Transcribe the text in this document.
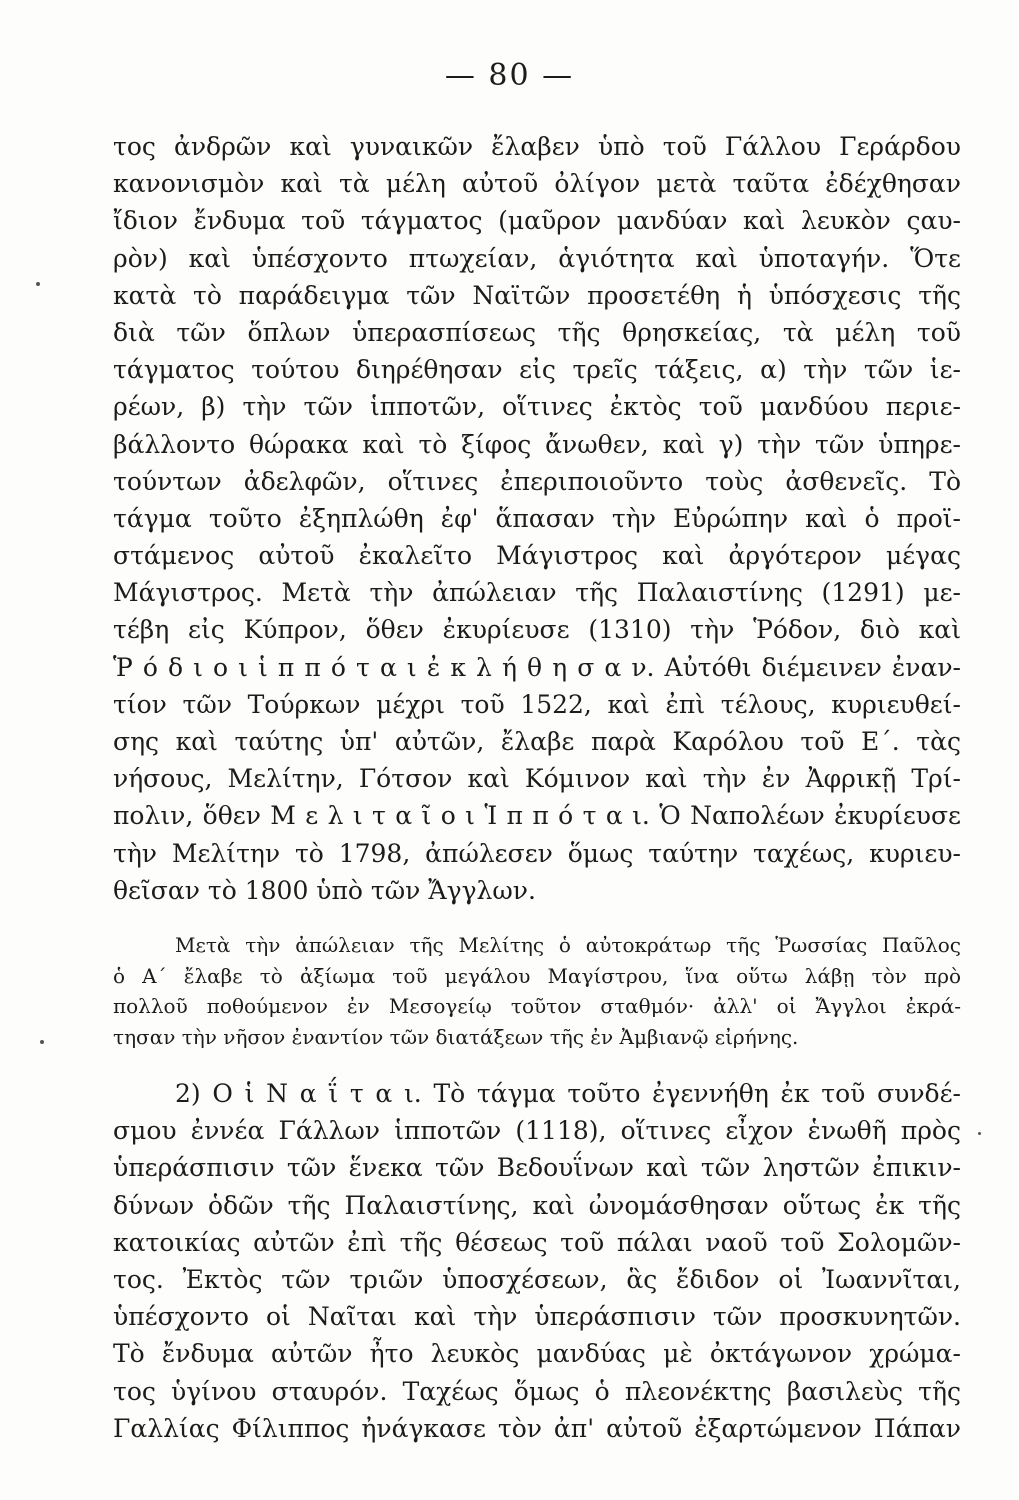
— 80 —
τος ἀνδρῶν καὶ γυναικῶν ἔλαβεν ὑπὸ τοῦ Γάλλου Γεράρδου
κανονισμὸν καὶ τὰ μέλη αὐτοῦ ὀλίγον μετὰ ταῦτα ἐδέχθησαν
ἴδιον ἔνδυμα τοῦ τάγματος (μαῦρον μανδύαν καὶ λευκὸν ςαυ-
ρὸν) καὶ ὑπέσχοντο πτωχείαν, ἁγιότητα καὶ ὑποταγήν. Ὅτε
κατὰ τὸ παράδειγμα τῶν Ναϊτῶν προσετέθη ἡ ὑπόσχεσις τῆς
διὰ τῶν ὅπλων ὑπερασπίσεως τῆς θρησκείας, τὰ μέλη τοῦ
τάγματος τούτου διηρέθησαν εἰς τρεῖς τάξεις, α) τὴν τῶν ἱε-
ρέων, β) τὴν τῶν ἱπποτῶν, οἵτινες ἐκτὸς τοῦ μανδύου περιε-
βάλλοντο θώρακα καὶ τὸ ξίφος ἄνωθεν, καὶ γ) τὴν τῶν ὑπηρε-
τούντων ἀδελφῶν, οἵτινες ἐπεριποιοῦντο τοὺς ἀσθενεῖς. Τὸ
τάγμα τοῦτο ἐξηπλώθη ἐφ' ἅπασαν τὴν Εὐρώπην καὶ ὁ προϊ-
στάμενος αὐτοῦ ἐκαλεῖτο Μάγιστρος καὶ ἀργότερον μέγας
Μάγιστρος. Μετὰ τὴν ἀπώλειαν τῆς Παλαιστίνης (1291) με-
τέβη εἰς Κύπρον, ὅθεν ἐκυρίευσε (1310) τὴν Ῥόδον, διὸ καὶ
Ῥ ό δ ι ο ι ἱ π π ό τ α ι ἐ κ λ ή θ η σ α ν. Αὐτόθι διέμεινεν ἐναν-
τίον τῶν Τούρκων μέχρι τοῦ 1522, καὶ ἐπὶ τέλους, κυριευθεί-
σης καὶ ταύτης ὑπ' αὐτῶν, ἔλαβε παρὰ Καρόλου τοῦ Ε΄. τὰς
νήσους, Μελίτην, Γότσον καὶ Κόμινον καὶ τὴν ἐν Ἀφρικῇ Τρί-
πολιν, ὅθεν Μ ε λ ι τ α ῖ ο ι Ἱ π π ό τ α ι. Ὁ Ναπολέων ἐκυρίευσε
τὴν Μελίτην τὸ 1798, ἀπώλεσεν ὅμως ταύτην ταχέως, κυριευ-
θεῖσαν τὸ 1800 ὑπὸ τῶν Ἄγγλων.
Μετὰ τὴν ἀπώλειαν τῆς Μελίτης ὁ αὐτοκράτωρ τῆς Ῥωσσίας Παῦλος
ὁ Α΄ ἔλαβε τὸ ἀξίωμα τοῦ μεγάλου Μαγίστρου, ἵνα οὕτω λάβῃ τὸν πρὸ
πολλοῦ ποθούμενον ἐν Μεσογείῳ τοῦτον σταθμόν· ἀλλ' οἱ Ἄγγλοι ἐκρά-
τησαν τὴν νῆσον ἐναντίον τῶν διατάξεων τῆς ἐν Ἀμβιανῷ εἰρήνης.
2) Ο ἱ Ν α ΐ τ α ι. Τὸ τάγμα τοῦτο ἐγεννήθη ἐκ τοῦ συνδέ-
σμου ἐννέα Γάλλων ἱπποτῶν (1118), οἵτινες εἶχον ἑνωθῆ πρὸς
ὑπεράσπισιν τῶν ἕνεκα τῶν Βεδουΐνων καὶ τῶν ληστῶν ἐπικιν-
δύνων ὁδῶν τῆς Παλαιστίνης, καὶ ὠνομάσθησαν οὕτως ἐκ τῆς
κατοικίας αὐτῶν ἐπὶ τῆς θέσεως τοῦ πάλαι ναοῦ τοῦ Σολομῶν-
τος. Ἐκτὸς τῶν τριῶν ὑποσχέσεων, ἃς ἔδιδον οἱ Ἰωαννῖται,
ὑπέσχοντο οἱ Ναῖται καὶ τὴν ὑπεράσπισιν τῶν προσκυνητῶν.
Τὸ ἔνδυμα αὐτῶν ἦτο λευκὸς μανδύας μὲ ὀκτάγωνον χρώμα-
τος ὑγίνου σταυρόν. Ταχέως ὅμως ὁ πλεονέκτης βασιλεὺς τῆς
Γαλλίας Φίλιππος ἠνάγκασε τὸν ἀπ' αὐτοῦ ἐξαρτώμενον Πάπαν
